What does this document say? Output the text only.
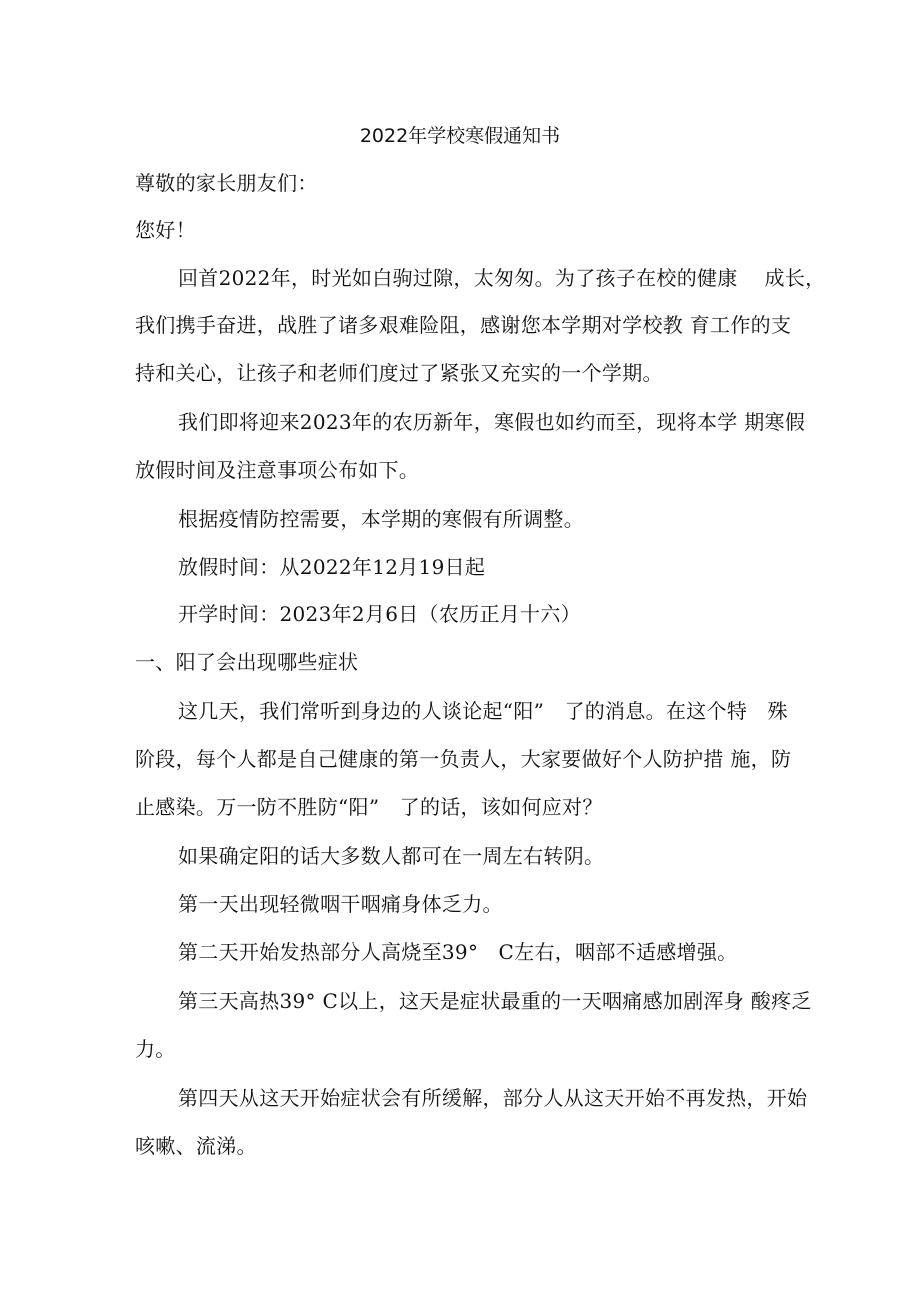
2022年学校寒假通知书
尊敬的家长朋友们：
您好！
回首2022年，时光如白驹过隙，太匆匆。为了孩子在校的健康　 成长，
我们携手奋进，战胜了诸多艰难险阻，感谢您本学期对学校教 育工作的支
持和关心，让孩子和老师们度过了紧张又充实的一个学期。
我们即将迎来2023年的农历新年，寒假也如约而至，现将本学 期寒假
放假时间及注意事项公布如下。
根据疫情防控需要，本学期的寒假有所调整。
放假时间：从2022年12月19日起
开学时间：2023年2月6日（农历正月十六）
一、阳了会出现哪些症状
这几天，我们常听到身边的人谈论起“阳”　了的消息。在这个特　殊
阶段，每个人都是自己健康的第一负责人，大家要做好个人防护措 施，防
止感染。万一防不胜防“阳”　了的话，该如何应对？
如果确定阳的话大多数人都可在一周左右转阴。
第一天出现轻微咽干咽痛身体乏力。
第二天开始发热部分人高烧至39°　C左右，咽部不适感增强。
第三天高热39° C以上，这天是症状最重的一天咽痛感加剧浑身 酸疼乏
力。
第四天从这天开始症状会有所缓解，部分人从这天开始不再发热，开始
咳嗽、流涕。
